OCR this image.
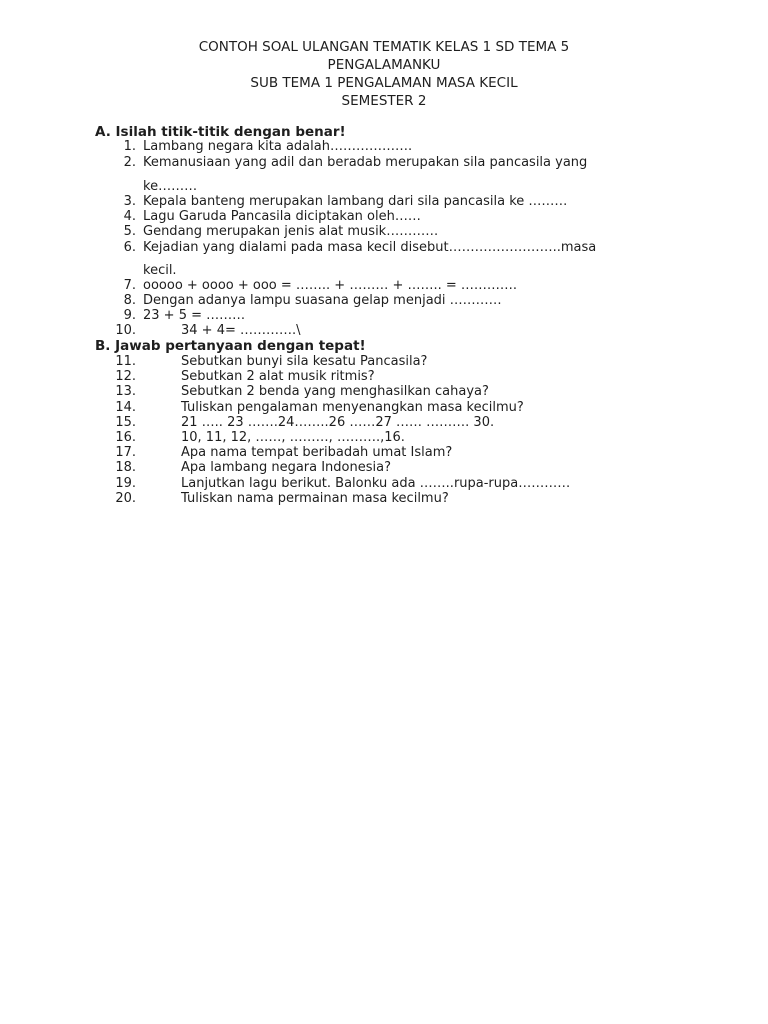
CONTOH SOAL ULANGAN TEMATIK KELAS 1 SD TEMA 5
PENGALAMANKU
SUB TEMA 1 PENGALAMAN MASA KECIL
SEMESTER 2
A. Isilah titik-titik dengan benar!
1. Lambang negara kita adalah……………….
2. Kemanusiaan yang adil dan beradab merupakan sila pancasila yang
ke………
3. Kepala banteng merupakan lambang dari sila pancasila ke ………
4. Lagu Garuda Pancasila diciptakan oleh……
5. Gendang merupakan jenis alat musik…………
6. Kejadian yang dialami pada masa kecil disebut……………………..masa
kecil.
7. ooooo + oooo + ooo = …….. + ……… + …….. = ………….
8. Dengan adanya lampu suasana gelap menjadi …………
9. 23 + 5 = ………
10.	34 + 4= ………….\
B. Jawab pertanyaan dengan tepat!
11.	Sebutkan bunyi sila kesatu Pancasila?
12.	Sebutkan 2 alat musik ritmis?
13.	Sebutkan 2 benda yang menghasilkan cahaya?
14.	Tuliskan pengalaman menyenangkan masa kecilmu?
15.	21 ….. 23 …….24……..26 ……27 …… ………. 30.
16.	10, 11, 12, ……, ………, ……….,16.
17.	Apa nama tempat beribadah umat Islam?
18.	Apa lambang negara Indonesia?
19.	Lanjutkan lagu berikut. Balonku ada ……..rupa-rupa…………
20.	Tuliskan nama permainan masa kecilmu?
